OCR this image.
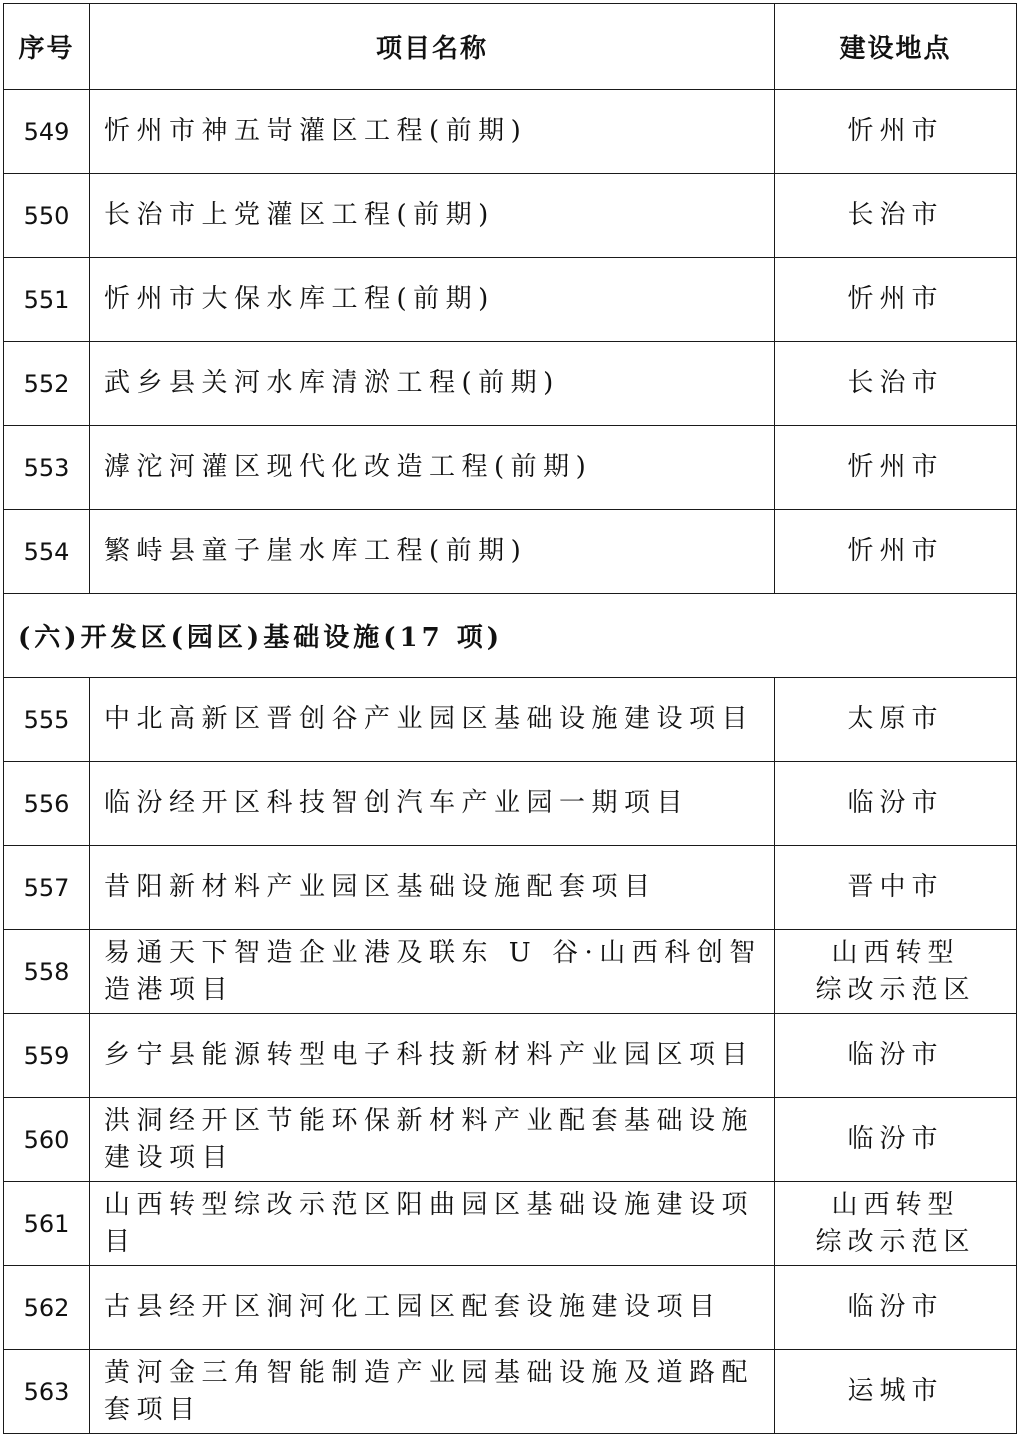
序号	项目名称	建设地点
549	忻州市神五岢灌区工程(前期)	忻州市

550	长治市上党灌区工程(前期)	长治市

551	忻州市大保水库工程(前期)	忻州市

552	武乡县关河水库清淤工程(前期)	长治市

553	滹沱河灌区现代化改造工程(前期)	忻州市

554	繁峙县童子崖水库工程(前期)	忻州市

(六)开发区(园区)基础设施(17 项)		
555	中北高新区晋创谷产业园区基础设施建设项目	太原市

556	临汾经开区科技智创汽车产业园一期项目	临汾市

557	昔阳新材料产业园区基础设施配套项目	晋中市

558	易通天下智造企业港及联东 U 谷·山西科创智造港项目	山西转型
综改示范区

559	乡宁县能源转型电子科技新材料产业园区项目	临汾市

560	洪洞经开区节能环保新材料产业配套基础设施建设项目	临汾市

561	山西转型综改示范区阳曲园区基础设施建设项目	山西转型
综改示范区

562	古县经开区涧河化工园区配套设施建设项目	临汾市

563	黄河金三角智能制造产业园基础设施及道路配套项目	运城市
